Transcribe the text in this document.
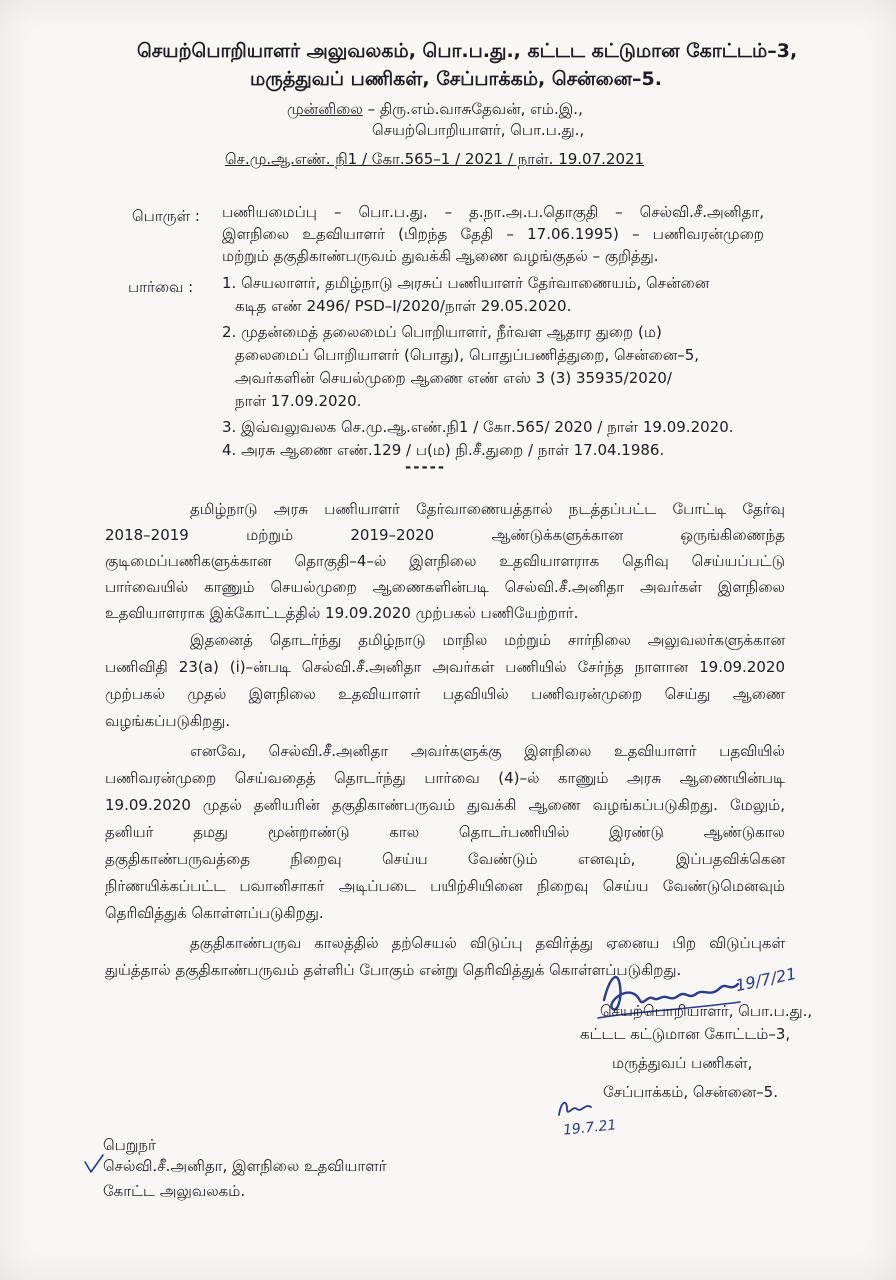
செயற்பொறியாளர் அலுவலகம், பொ.ப.து., கட்டட கட்டுமான கோட்டம்–3,
மருத்துவப் பணிகள், சேப்பாக்கம், சென்னை–5.
முன்னிலை – திரு.எம்.வாசுதேவன், எம்.இ.,
செயற்பொறியாளர், பொ.ப.து.,
செ.மு.ஆ.எண். நி1 / கோ.565–1 / 2021 / நாள். 19.07.2021
பொருள் : பணியமைப்பு – பொ.ப.து. – த.நா.அ.ப.தொகுதி – செல்வி.சீ.அனிதா,
இளநிலை உதவியாளர் (பிறந்த தேதி – 17.06.1995) – பணிவரன்முறை
மற்றும் தகுதிகாண்பருவம் துவக்கி ஆணை வழங்குதல் – குறித்து.
பார்வை : 1. செயலாளர், தமிழ்நாடு அரசுப் பணியாளர் தேர்வாணையம், சென்னை
கடித எண் 2496/ PSD–I/2020/நாள் 29.05.2020.
2. முதன்மைத் தலைமைப் பொறியாளர், நீர்வள ஆதார துறை (ம)
தலைமைப் பொறியாளர் (பொது), பொதுப்பணித்துறை, சென்னை–5,
அவர்களின் செயல்முறை ஆணை எண் எஸ் 3 (3) 35935/2020/
நாள் 17.09.2020.
3. இவ்வலுவலக செ.மு.ஆ.எண்.நி1 / கோ.565/ 2020 / நாள் 19.09.2020.
4. அரசு ஆணை எண்.129 / ப(ம) நி.சீ.துறை / நாள் 17.04.1986.
-----
தமிழ்நாடு அரசு பணியாளர் தேர்வாணையத்தால் நடத்தப்பட்ட போட்டி தேர்வு
2018–2019 மற்றும் 2019–2020 ஆண்டுக்களுக்கான ஒருங்கிணைந்த
குடிமைப்பணிகளுக்கான தொகுதி–4–ல் இளநிலை உதவியாளராக தெரிவு செய்யப்பட்டு
பார்வையில் காணும் செயல்முறை ஆணைகளின்படி செல்வி.சீ.அனிதா அவர்கள் இளநிலை
உதவியாளராக இக்கோட்டத்தில் 19.09.2020 முற்பகல் பணியேற்றார்.
இதனைத் தொடர்ந்து தமிழ்நாடு மாநில மற்றும் சார்நிலை அலுவலர்களுக்கான
பணிவிதி 23(a) (i)–ன்படி செல்வி.சீ.அனிதா அவர்கள் பணியில் சேர்ந்த நாளான 19.09.2020
முற்பகல் முதல் இளநிலை உதவியாளர் பதவியில் பணிவரன்முறை செய்து ஆணை
வழங்கப்படுகிறது.
எனவே, செல்வி.சீ.அனிதா அவர்களுக்கு இளநிலை உதவியாளர் பதவியில்
பணிவரன்முறை செய்வதைத் தொடர்ந்து பார்வை (4)–ல் காணும் அரசு ஆணையின்படி
19.09.2020 முதல் தனியரின் தகுதிகாண்பருவம் துவக்கி ஆணை வழங்கப்படுகிறது. மேலும்,
தனியர் தமது மூன்றாண்டு கால தொடர்பணியில் இரண்டு ஆண்டுகால
தகுதிகாண்பருவத்தை நிறைவு செய்ய வேண்டும் எனவும், இப்பதவிக்கென
நிர்ணயிக்கப்பட்ட பவானிசாகர் அடிப்படை பயிற்சியினை நிறைவு செய்ய வேண்டுமெனவும்
தெரிவித்துக் கொள்ளப்படுகிறது.
தகுதிகாண்பருவ காலத்தில் தற்செயல் விடுப்பு தவிர்த்து ஏனைய பிற விடுப்புகள்
துய்த்தால் தகுதிகாண்பருவம் தள்ளிப் போகும் என்று தெரிவித்துக் கொள்ளப்படுகிறது.	19/7/21
செயற்பொறியாளர், பொ.ப.து.,
கட்டட கட்டுமான கோட்டம்–3,
மருத்துவப் பணிகள்,
சேப்பாக்கம், சென்னை–5.
19.7.21
பெறுநர்
செல்வி.சீ.அனிதா, இளநிலை உதவியாளர்
கோட்ட அலுவலகம்.
